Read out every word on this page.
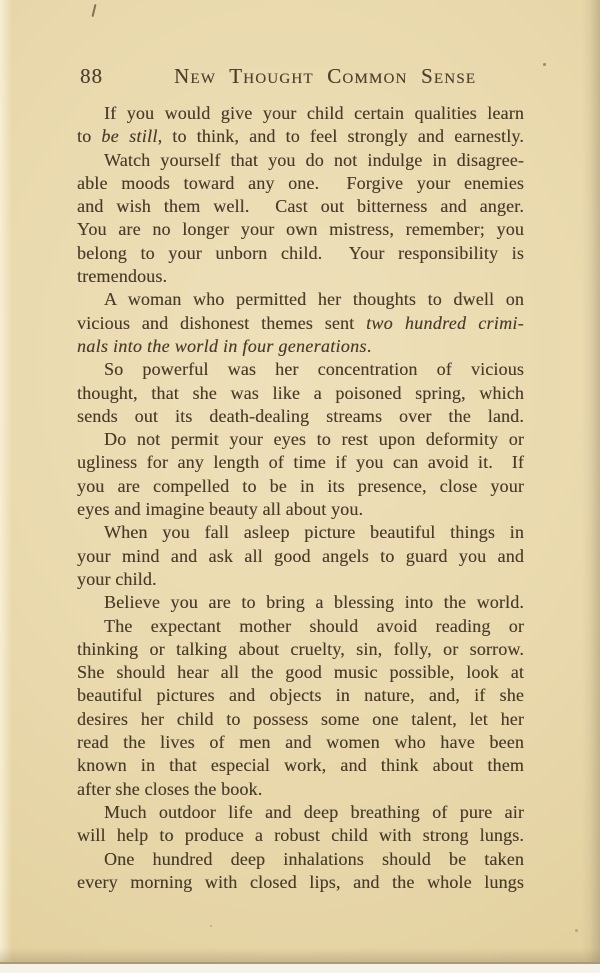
88	New Thought Common Sense
If you would give your child certain qualities learn
to be still, to think, and to feel strongly and earnestly.
Watch yourself that you do not indulge in disagree-
able moods toward any one.  Forgive your enemies
and wish them well.  Cast out bitterness and anger.
You are no longer your own mistress, remember; you
belong to your unborn child.  Your responsibility is
tremendous.
A woman who permitted her thoughts to dwell on
vicious and dishonest themes sent two hundred crimi-
nals into the world in four generations.
So powerful was her concentration of vicious
thought, that she was like a poisoned spring, which
sends out its death-dealing streams over the land.
Do not permit your eyes to rest upon deformity or
ugliness for any length of time if you can avoid it.  If
you are compelled to be in its presence, close your
eyes and imagine beauty all about you.
When you fall asleep picture beautiful things in
your mind and ask all good angels to guard you and
your child.
Believe you are to bring a blessing into the world.
The expectant mother should avoid reading or
thinking or talking about cruelty, sin, folly, or sorrow.
She should hear all the good music possible, look at
beautiful pictures and objects in nature, and, if she
desires her child to possess some one talent, let her
read the lives of men and women who have been
known in that especial work, and think about them
after she closes the book.
Much outdoor life and deep breathing of pure air
will help to produce a robust child with strong lungs.
One hundred deep inhalations should be taken
every morning with closed lips, and the whole lungs
